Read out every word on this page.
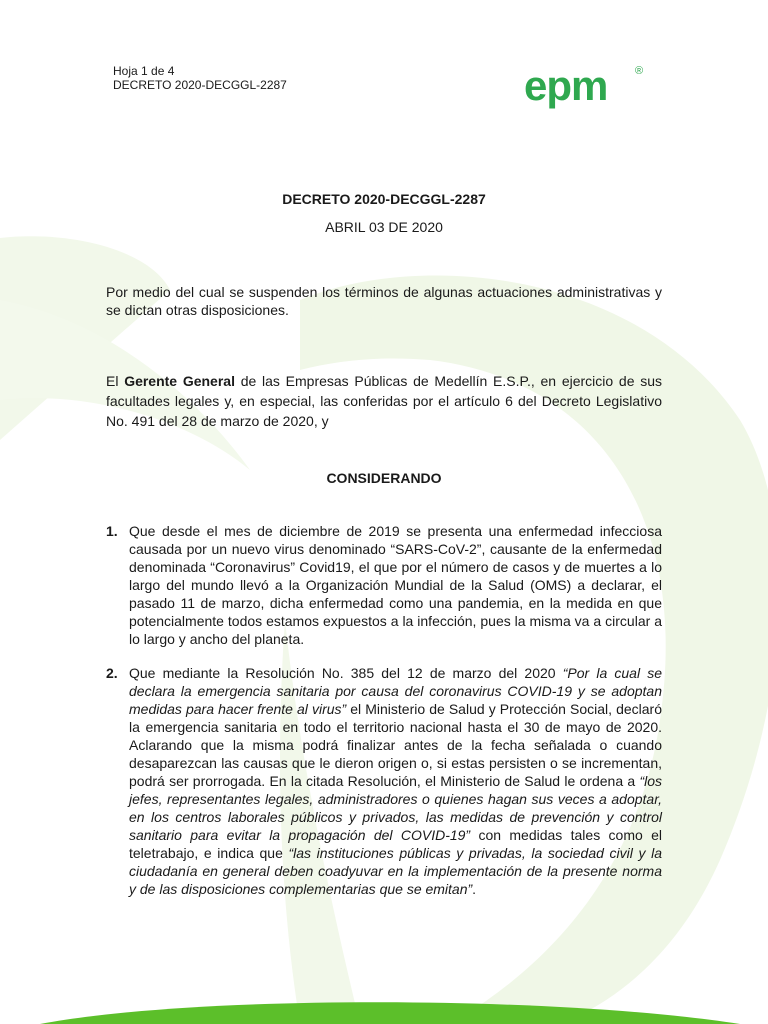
Hoja 1 de 4
DECRETO 2020-DECGGL-2287	epm	®
DECRETO 2020-DECGGL-2287
ABRIL 03 DE 2020
Por medio del cual se suspenden los términos de algunas actuaciones administrativas y se dictan otras disposiciones.
El Gerente General de las Empresas Públicas de Medellín E.S.P., en ejercicio de sus facultades legales y, en especial, las conferidas por el artículo 6 del Decreto Legislativo No. 491 del 28 de marzo de 2020, y
CONSIDERANDO
1. Que desde el mes de diciembre de 2019 se presenta una enfermedad infecciosa causada por un nuevo virus denominado “SARS-CoV-2”, causante de la enfermedad denominada “Coronavirus” Covid19, el que por el número de casos y de muertes a lo largo del mundo llevó a la Organización Mundial de la Salud (OMS) a declarar, el pasado 11 de marzo, dicha enfermedad como una pandemia, en la medida en que potencialmente todos estamos expuestos a la infección, pues la misma va a circular a lo largo y ancho del planeta.
2. Que mediante la Resolución No. 385 del 12 de marzo del 2020 “Por la cual se declara la emergencia sanitaria por causa del coronavirus COVID-19 y se adoptan medidas para hacer frente al virus” el Ministerio de Salud y Protección Social, declaró la emergencia sanitaria en todo el territorio nacional hasta el 30 de mayo de 2020. Aclarando que la misma podrá finalizar antes de la fecha señalada o cuando desaparezcan las causas que le dieron origen o, si estas persisten o se incrementan, podrá ser prorrogada. En la citada Resolución, el Ministerio de Salud le ordena a “los jefes, representantes legales, administradores o quienes hagan sus veces a adoptar, en los centros laborales públicos y privados, las medidas de prevención y control sanitario para evitar la propagación del COVID-19” con medidas tales como el teletrabajo, e indica que “las instituciones públicas y privadas, la sociedad civil y la ciudadanía en general deben coadyuvar en la implementación de la presente norma y de las disposiciones complementarias que se emitan”.
